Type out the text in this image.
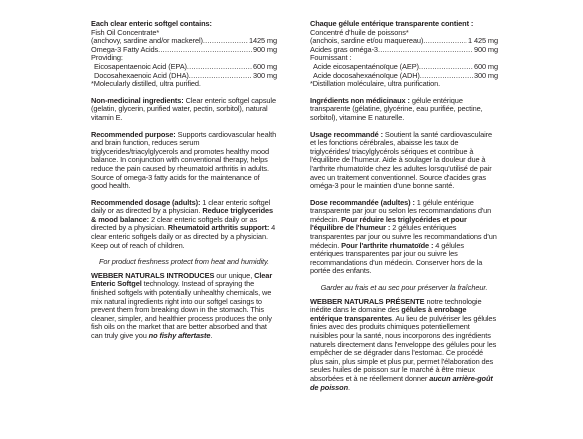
Each clear enteric softgel contains:

Fish Oil Concentrate*

(anchovy, sardine and/or mackerel) .....	1425 mg
Omega-3 Fatty Acids .....	900 mg

Providing:

Eicosapentaenoic Acid (EPA) .....	600 mg
Docosahexaenoic Acid (DHA) .....	300 mg

*Molecularly distilled, ultra purified.

Non-medicinal ingredients: Clear enteric softgel capsule (gelatin, glycerin, purified water, pectin, sorbitol), natural vitamin E.

Recommended purpose: Supports cardiovascular health and brain function, reduces serum triglycerides/triacylglycerols and promotes healthy mood balance. In conjunction with conventional therapy, helps reduce the pain caused by rheumatoid arthritis in adults. Source of omega-3 fatty acids for the maintenance of good health.

Recommended dosage (adults): 1 clear enteric softgel daily or as directed by a physician. Reduce triglycerides & mood balance: 2 clear enteric softgels daily or as directed by a physician. Rheumatoid arthritis support: 4 clear enteric softgels daily or as directed by a physician. Keep out of reach of children.

For product freshness protect from heat and humidity.

WEBBER NATURALS INTRODUCES our unique, Clear Enteric Softgel technology. Instead of spraying the finished softgels with potentially unhealthy chemicals, we mix natural ingredients right into our softgel casings to prevent them from breaking down in the stomach. This cleaner, simpler, and healthier process produces the only fish oils on the market that are better absorbed and that can truly give you no fishy aftertaste.

Chaque gélule entérique transparente contient :

Concentré d'huile de poissons*

(anchois, sardine et/ou maquereau) .....	1 425 mg
Acides gras oméga-3 .....	900 mg

Fournissant :

Acide eicosapentaénoïque (AEP) .....	600 mg
Acide docosahexaénoïque (ADH) .....	300 mg

*Distillation moléculaire, ultra purification.

Ingrédients non médicinaux : gélule entérique transparente (gélatine, glycérine, eau purifiée, pectine, sorbitol), vitamine E naturelle.

Usage recommandé : Soutient la santé cardiovasculaire et les fonctions cérébrales, abaisse les taux de triglycérides/ triacylglycérols sériques et contribue à l'équilibre de l'humeur. Aide à soulager la douleur due à l'arthrite rhumatoïde chez les adultes lorsqu'utilisé de pair avec un traitement conventionnel. Source d'acides gras oméga-3 pour le maintien d'une bonne santé.

Dose recommandée (adultes) : 1 gélule entérique transparente par jour ou selon les recommandations d'un médecin. Pour réduire les triglycérides et pour l'équilibre de l'humeur : 2 gélules entériques transparentes par jour ou suivre les recommandations d'un médecin. Pour l'arthrite rhumatoïde : 4 gélules entériques transparentes par jour ou suivre les recommandations d'un médecin. Conserver hors de la portée des enfants.

Garder au frais et au sec pour préserver la fraîcheur.

WEBBER NATURALS PRÉSENTE notre technologie inédite dans le domaine des gélules à enrobage entérique transparentes. Au lieu de pulvériser les gélules finies avec des produits chimiques potentiellement nuisibles pour la santé, nous incorporons des ingrédients naturels directement dans l'enveloppe des gélules pour les empêcher de se dégrader dans l'estomac. Ce procédé plus sain, plus simple et plus pur, permet l'élaboration des seules huiles de poisson sur le marché à être mieux absorbées et à ne réellement donner aucun arrière-goût de poisson.
